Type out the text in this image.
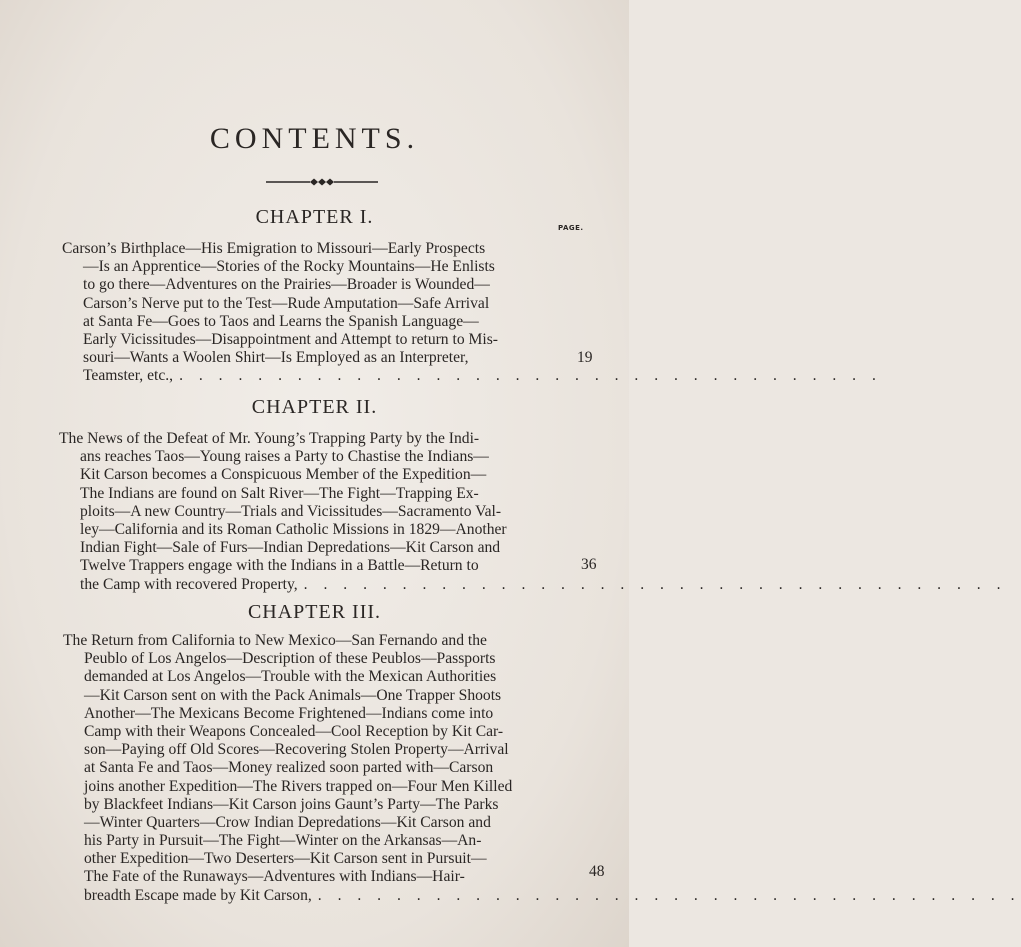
CONTENTS.
CHAPTER I.	PAGE.
Carson’s Birthplace—His Emigration to Missouri—Early Prospects
—Is an Apprentice—Stories of the Rocky Mountains—He Enlists
to go there—Adventures on the Prairies—Broader is Wounded—
Carson’s Nerve put to the Test—Rude Amputation—Safe Arrival
at Santa Fe—Goes to Taos and Learns the Spanish Language—
Early Vicissitudes—Disappointment and Attempt to return to Mis-
souri—Wants a Woolen Shirt—Is Employed as an Interpreter,
Teamster, etc., . . . . . . . . . . . . . . . . . . . . . . . . . . . . . . . . . . . .
19
CHAPTER II.
The News of the Defeat of Mr. Young’s Trapping Party by the Indi-
ans reaches Taos—Young raises a Party to Chastise the Indians—
Kit Carson becomes a Conspicuous Member of the Expedition—
The Indians are found on Salt River—The Fight—Trapping Ex-
ploits—A new Country—Trials and Vicissitudes—Sacramento Val-
ley—California and its Roman Catholic Missions in 1829—Another
Indian Fight—Sale of Furs—Indian Depredations—Kit Carson and
Twelve Trappers engage with the Indians in a Battle—Return to
the Camp with recovered Property, . . . . . . . . . . . . . . . . . . . . . . . . . . . . . . . . . . . .
36
CHAPTER III.
The Return from California to New Mexico—San Fernando and the
Peublo of Los Angelos—Description of these Peublos—Passports
demanded at Los Angelos—Trouble with the Mexican Authorities
—Kit Carson sent on with the Pack Animals—One Trapper Shoots
Another—The Mexicans Become Frightened—Indians come into
Camp with their Weapons Concealed—Cool Reception by Kit Car-
son—Paying off Old Scores—Recovering Stolen Property—Arrival
at Santa Fe and Taos—Money realized soon parted with—Carson
joins another Expedition—The Rivers trapped on—Four Men Killed
by Blackfeet Indians—Kit Carson joins Gaunt’s Party—The Parks
—Winter Quarters—Crow Indian Depredations—Kit Carson and
his Party in Pursuit—The Fight—Winter on the Arkansas—An-
other Expedition—Two Deserters—Kit Carson sent in Pursuit—
The Fate of the Runaways—Adventures with Indians—Hair-
breadth Escape made by Kit Carson, . . . . . . . . . . . . . . . . . . . . . . . . . . . . . . . . . . . .
48
